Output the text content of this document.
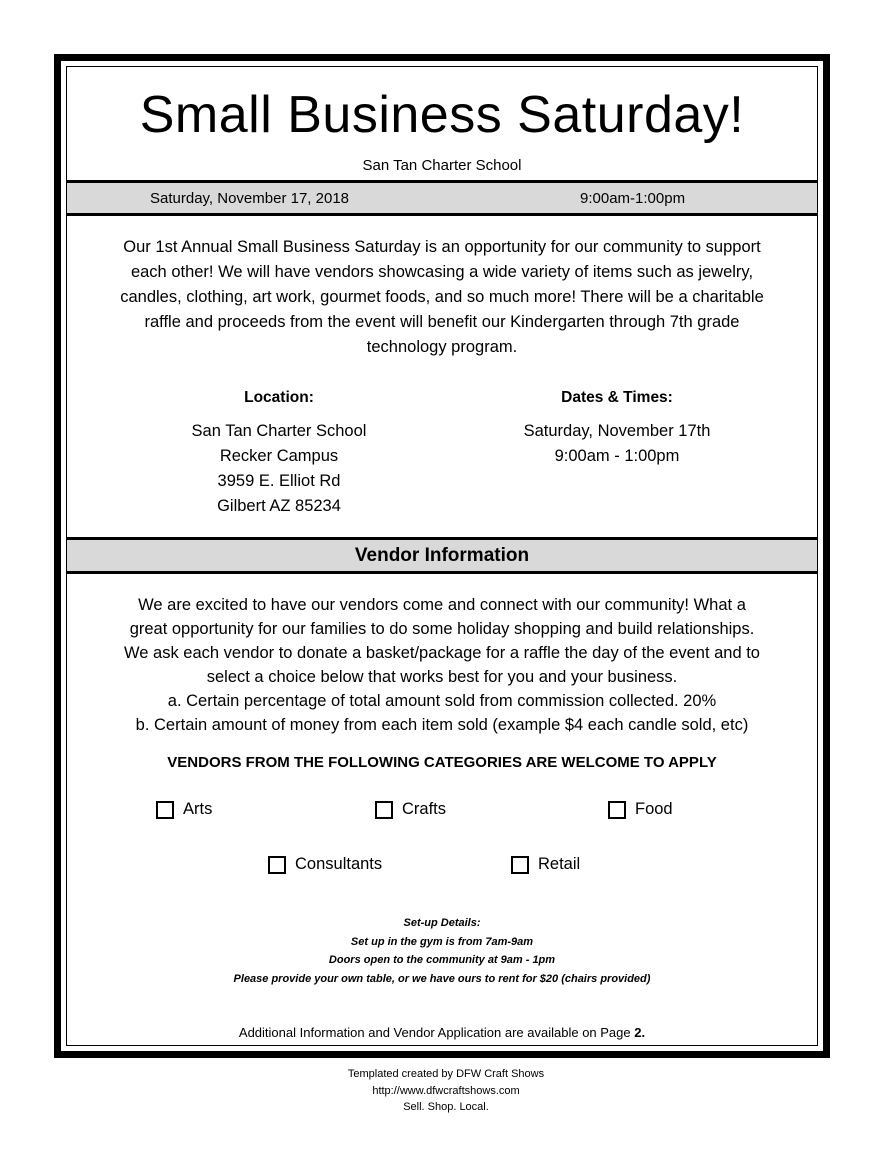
Small Business Saturday!
San Tan Charter School
Saturday, November 17, 2018	9:00am-1:00pm
Our 1st Annual Small Business Saturday is an opportunity for our community to support
each other! We will have vendors showcasing a wide variety of items such as jewelry,
candles, clothing, art work, gourmet foods, and so much more! There will be a charitable
raffle and proceeds from the event will benefit our Kindergarten through 7th grade
technology program.
Location:
San Tan Charter School
Recker Campus
3959 E. Elliot Rd
Gilbert AZ 85234
Dates & Times:
Saturday, November 17th
9:00am - 1:00pm
Vendor Information
We are excited to have our vendors come and connect with our community! What a
great opportunity for our families to do some holiday shopping and build relationships.
We ask each vendor to donate a basket/package for a raffle the day of the event and to
select a choice below that works best for you and your business.
a. Certain percentage of total amount sold from commission collected. 20%
b. Certain amount of money from each item sold (example $4 each candle sold, etc)
VENDORS FROM THE FOLLOWING CATEGORIES ARE WELCOME TO APPLY
Arts	Crafts	Food
Consultants	Retail
Set-up Details:
Set up in the gym is from 7am-9am
Doors open to the community at 9am - 1pm
Please provide your own table, or we have ours to rent for $20 (chairs provided)
Additional Information and Vendor Application are available on Page 2.
Templated created by DFW Craft Shows
http://www.dfwcraftshows.com
Sell. Shop. Local.
